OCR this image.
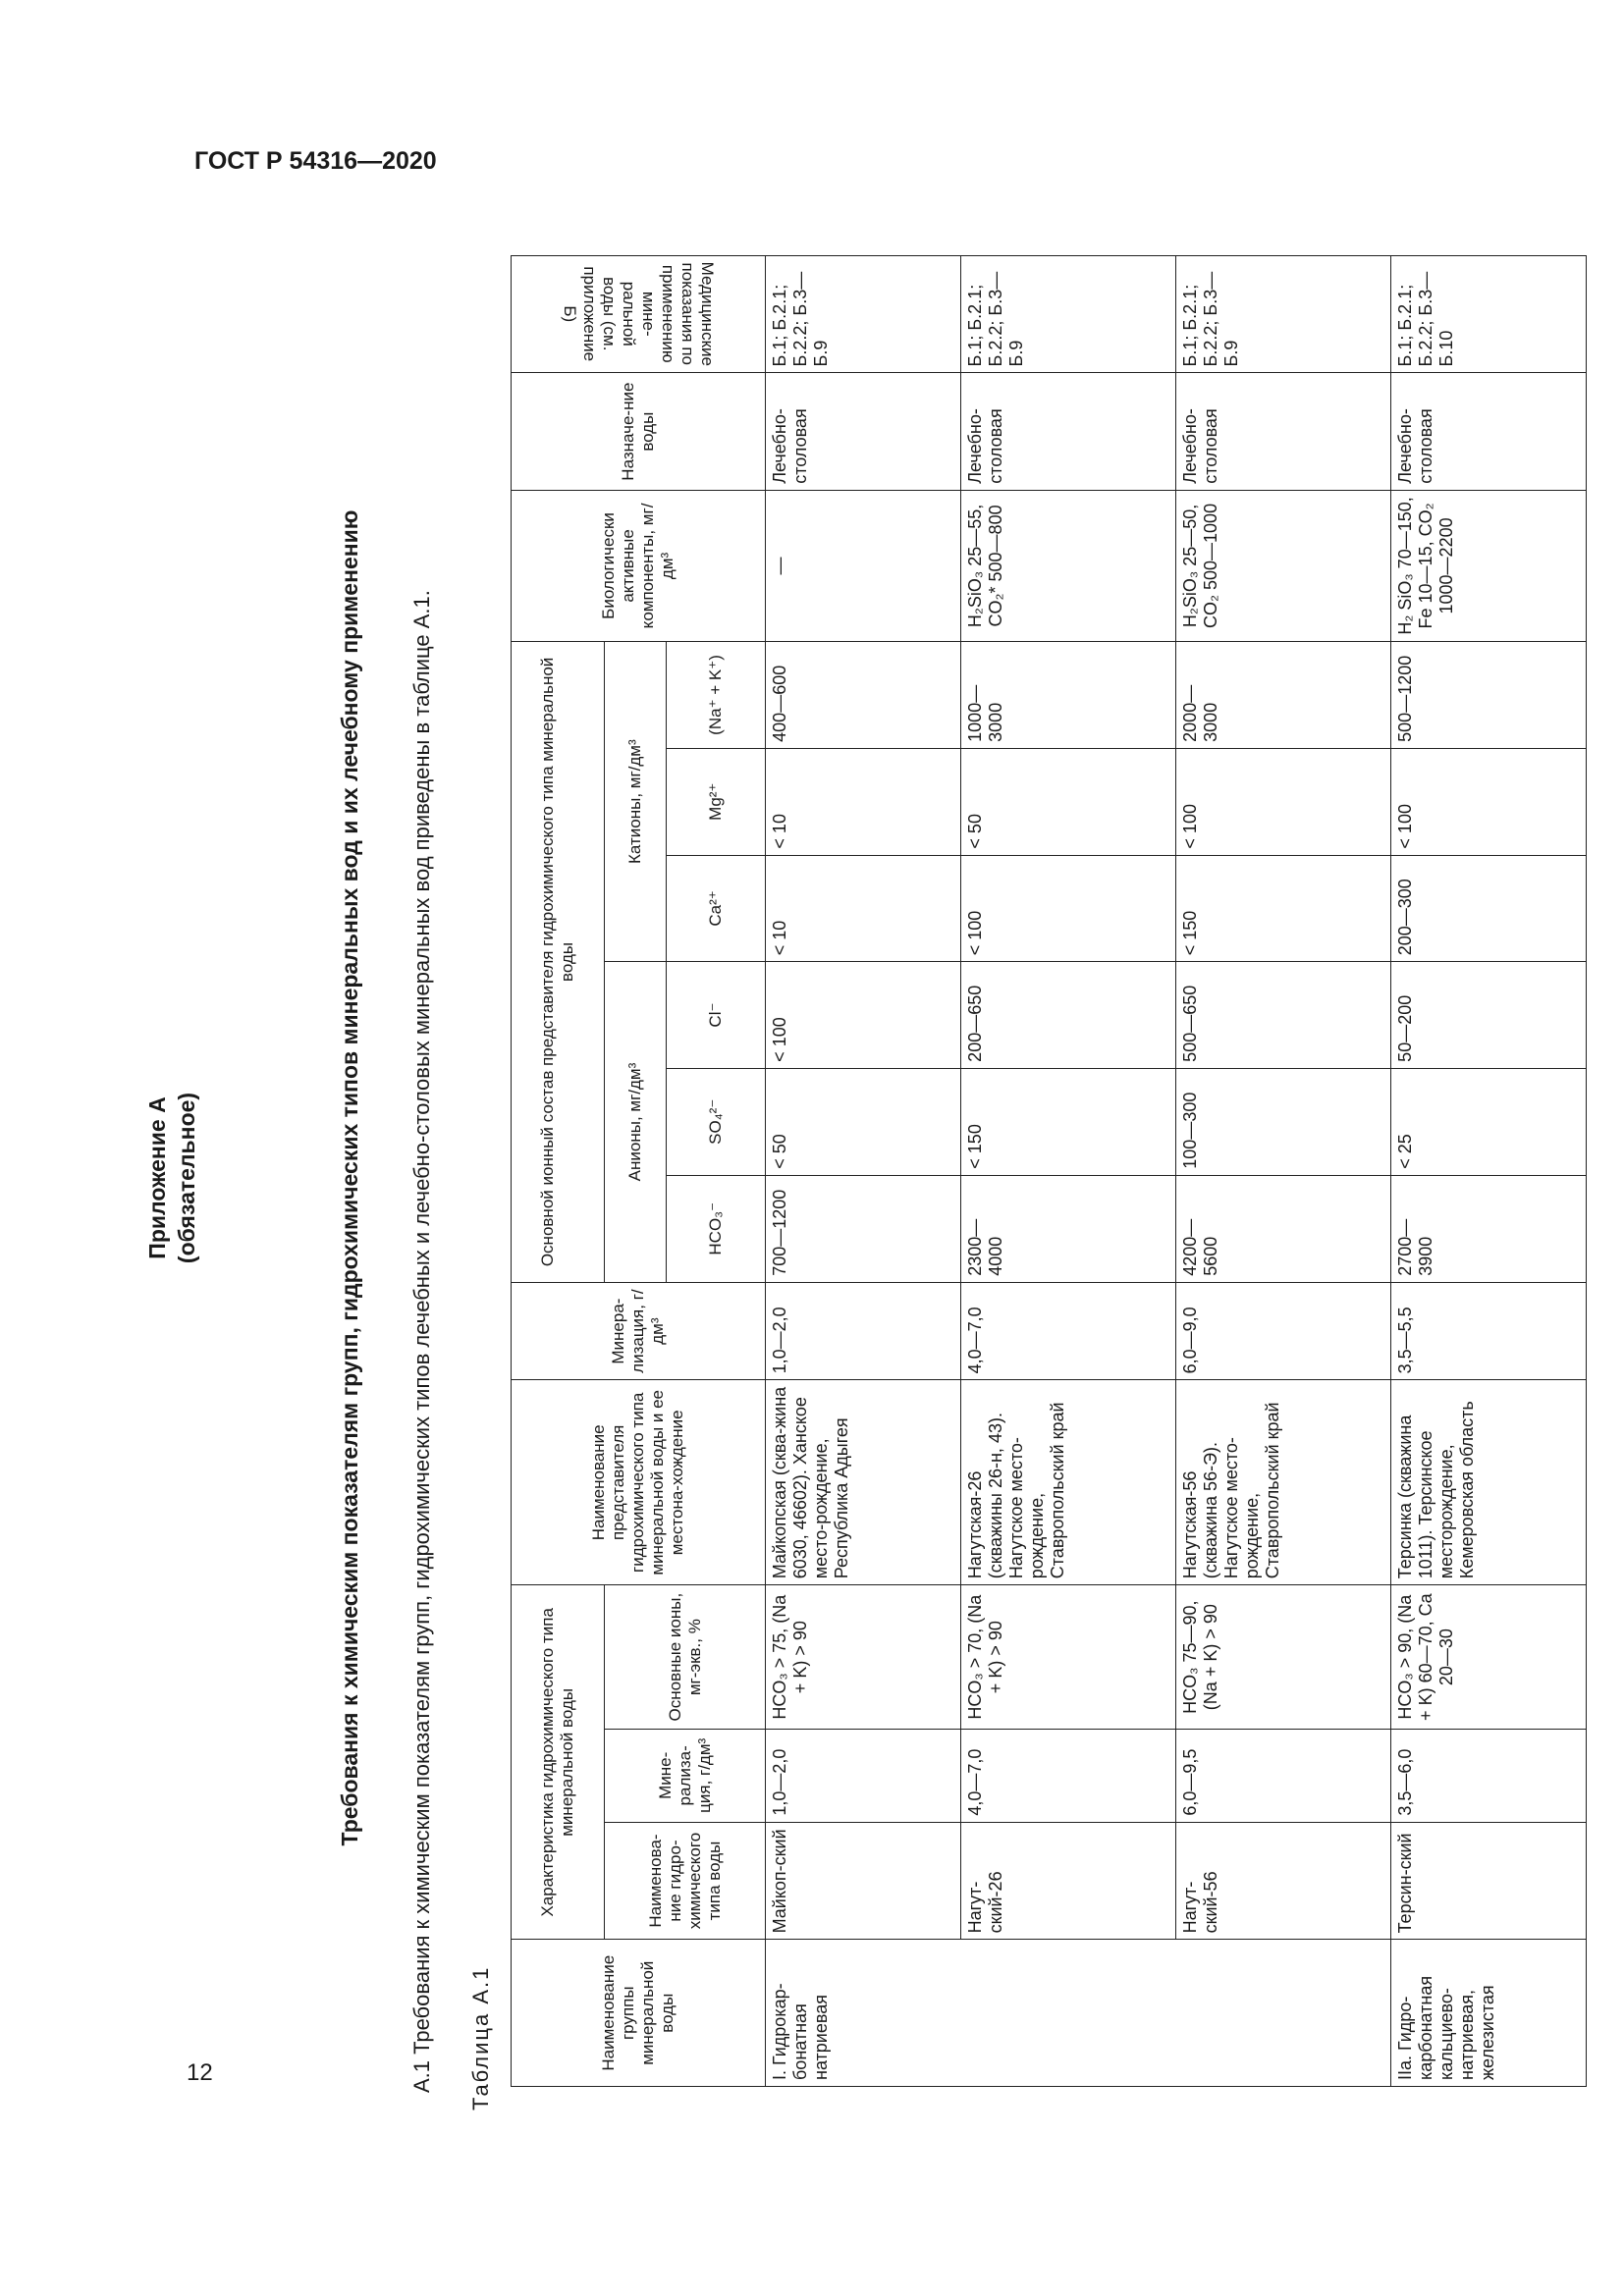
ГОСТ Р 54316—2020
Приложение А (обязательное)	Требования к химическим показателям групп, гидрохимических типов минеральных вод и их лечебному применению А.1 Требования к химическим показателям групп, гидрохимических типов лечебных и лечебно-столовых минеральных вод приведены в таблице А.1. Таблица А.1	Наименование группы минеральной воды	Характеристика гидрохимического типа минеральной воды			Наименование представителя гидрохимического типа минеральной воды и ее местона-хождение	Минера-лизация, г/дм³	Основной ионный состав представителя гидрохимического типа минеральной воды						Биологически активные компоненты, мг/дм³	Назначе-ние воды	Медицинские показания по применению мине-ральной воды (см. приложение Б)
	Наименова-ние гидро-химического типа воды	Мине-рализа-ция, г/дм³	Основные ионы, мг-экв., %			Анионы, мг/дм³			Катионы, мг/дм³					
						HCO₃⁻	SO₄²⁻	Cl⁻	Ca²⁺	Mg²⁺	(Na⁺ + K⁺)			
I. Гидрокар-бонатная натриевая	Майкоп-ский	1,0—2,0	HCO₃ > 75, (Na + K) > 90	Майкопская (сква-жина 6030, 46602). Ханское место-рождение, Республика Адыгея	1,0—2,0	700—1200	< 50	< 100	< 10	< 10	400—600	—	Лечебно-столовая	Б.1; Б.2.1; Б.2.2; Б.3—Б.9
	Нагут-ский-26	4,0—7,0	HCO₃ > 70, (Na + K) > 90	Нагутская-26 (скважины 26-н, 43). Нагутское место-рождение, Ставропольский край	4,0—7,0	2300—4000	< 150	200—650	< 100	< 50	1000—3000	H₂SiO₃ 25—55, CO₂* 500—800	Лечебно-столовая	Б.1; Б.2.1; Б.2.2; Б.3—Б.9
	Нагут-ский-56	6,0—9,5	HCO₃ 75—90, (Na + K) > 90	Нагутская-56 (скважина 56-Э). Нагутское место-рождение, Ставропольский край	6,0—9,0	4200—5600	100—300	500—650	< 150	< 100	2000—3000	H₂SiO₃ 25—50, CO₂ 500—1000	Лечебно-столовая	Б.1; Б.2.1; Б.2.2; Б.3—Б.9
IIa. Гидро-карбонатная кальциево-натриевая, железистая	Терсин-ский	3,5—6,0	HCO₃ > 90, (Na + K) 60—70, Ca 20—30	Терсинка (скважина 1011). Терсинское месторождение, Кемеровская область	3,5—5,5	2700—3900	< 25	50—200	200—300	< 100	500—1200	H₂ SiO₃ 70—150, Fe 10—15, CO₂ 1000—2200	Лечебно-столовая	Б.1; Б.2.1; Б.2.2; Б.3—Б.10
12
